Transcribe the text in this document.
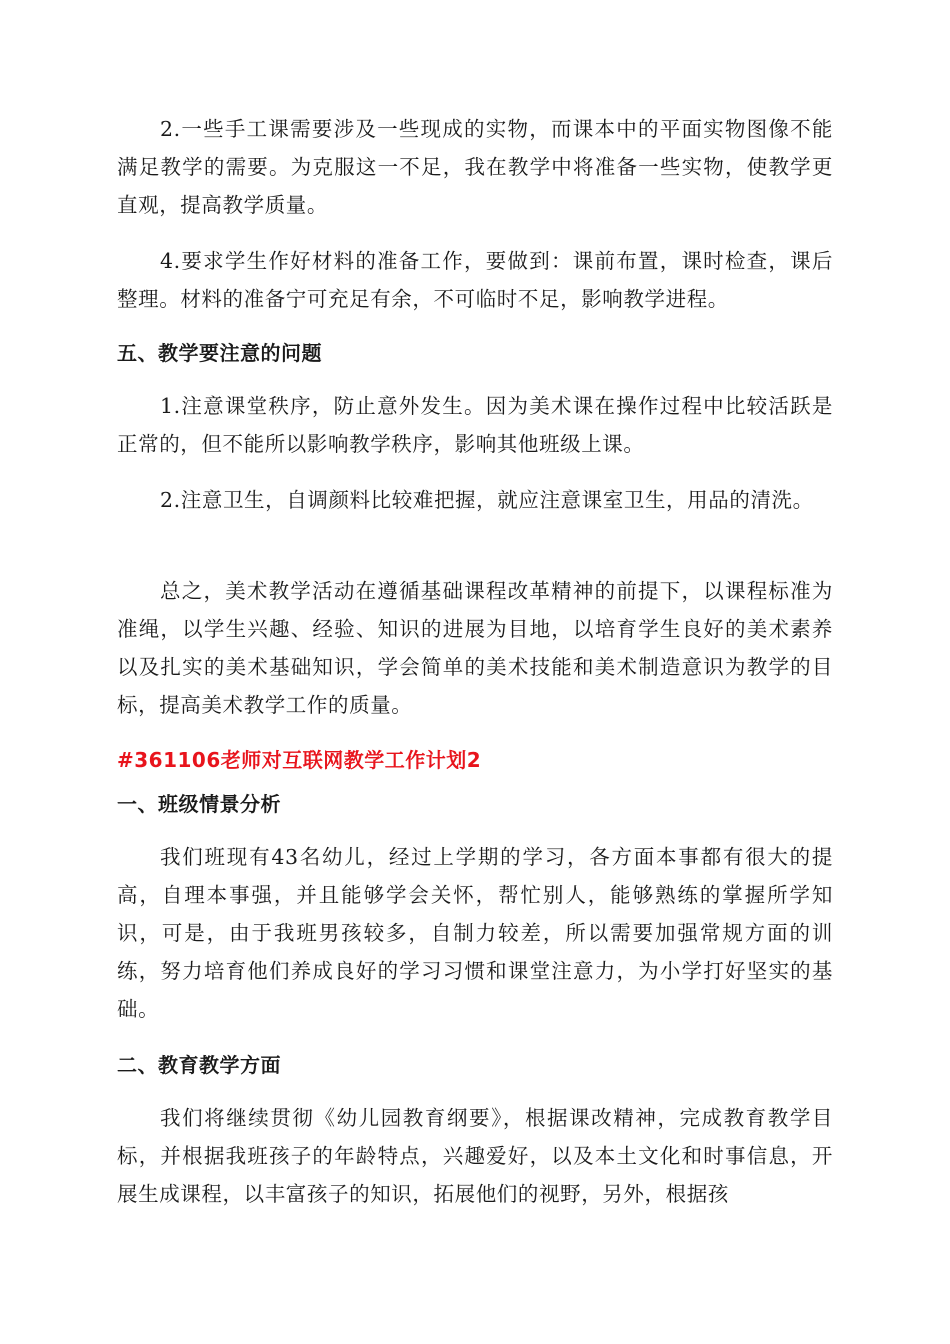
2.一些手工课需要涉及一些现成的实物，而课本中的平面实物图像不能满足教学的需要。为克服这一不足，我在教学中将准备一些实物，使教学更直观，提高教学质量。

4.要求学生作好材料的准备工作，要做到：课前布置，课时检查，课后整理。材料的准备宁可充足有余，不可临时不足，影响教学进程。

五、教学要注意的问题

1.注意课堂秩序，防止意外发生。因为美术课在操作过程中比较活跃是正常的，但不能所以影响教学秩序，影响其他班级上课。

2.注意卫生，自调颜料比较难把握，就应注意课室卫生，用品的清洗。

总之，美术教学活动在遵循基础课程改革精神的前提下，以课程标准为准绳，以学生兴趣、经验、知识的进展为目地，以培育学生良好的美术素养以及扎实的美术基础知识，学会简单的美术技能和美术制造意识为教学的目标，提高美术教学工作的质量。

#361106老师对互联网教学工作计划2
一、班级情景分析

我们班现有43名幼儿，经过上学期的学习，各方面本事都有很大的提高，自理本事强，并且能够学会关怀，帮忙别人，能够熟练的掌握所学知识，可是，由于我班男孩较多，自制力较差，所以需要加强常规方面的训练，努力培育他们养成良好的学习习惯和课堂注意力，为小学打好坚实的基础。

二、教育教学方面

我们将继续贯彻《幼儿园教育纲要》，根据课改精神，完成教育教学目标，并根据我班孩子的年龄特点，兴趣爱好，以及本土文化和时事信息，开展生成课程，以丰富孩子的知识，拓展他们的视野，另外，根据孩
